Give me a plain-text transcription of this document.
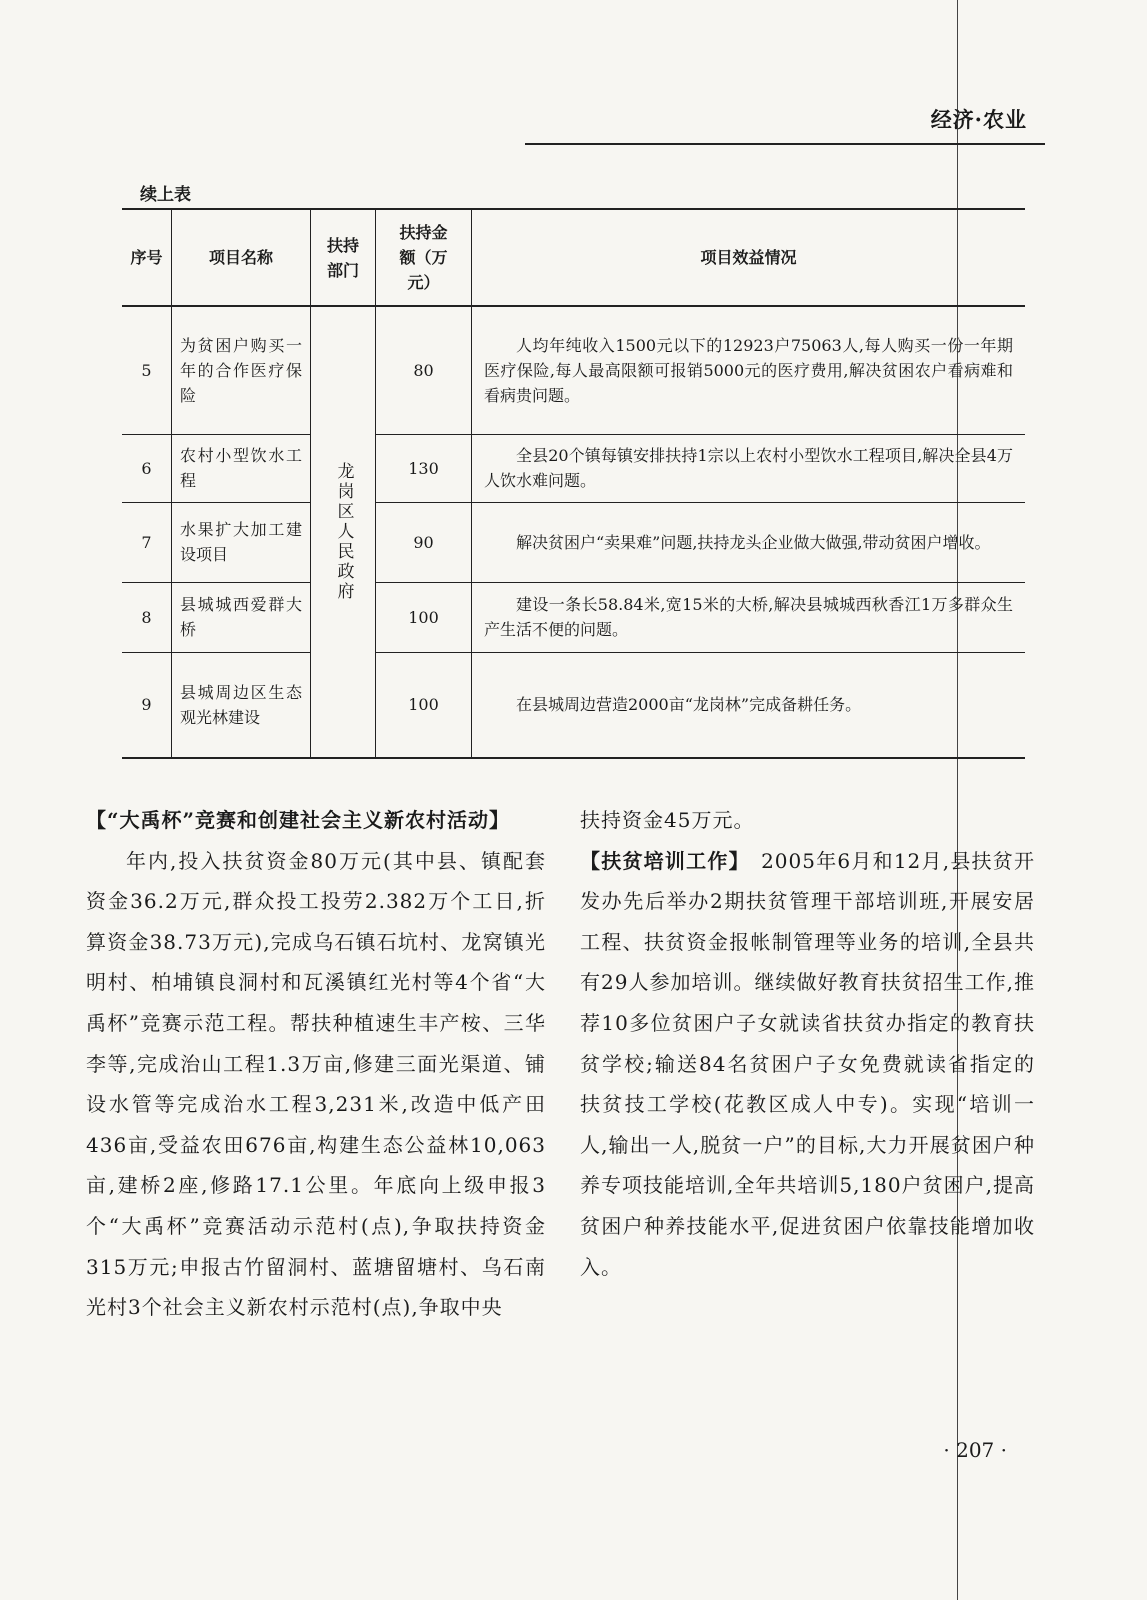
经济·农业
续上表
序号	项目名称	扶持部门	扶持金额（万元）	项目效益情况
5	为贫困户购买一年的合作医疗保险	龙岗区人民政府	80	人均年纯收入1500元以下的12923户75063人,每人购买一份一年期医疗保险,每人最高限额可报销5000元的医疗费用,解决贫困农户看病难和看病贵问题。
6	农村小型饮水工程		130	全县20个镇每镇安排扶持1宗以上农村小型饮水工程项目,解决全县4万人饮水难问题。
7	水果扩大加工建设项目		90	解决贫困户“卖果难”问题,扶持龙头企业做大做强,带动贫困户增收。
8	县城城西爱群大桥		100	建设一条长58.84米,宽15米的大桥,解决县城城西秋香江1万多群众生产生活不便的问题。
9	县城周边区生态观光林建设		100	在县城周边营造2000亩“龙岗林”完成备耕任务。

【“大禹杯”竞赛和创建社会主义新农村活动】

年内,投入扶贫资金80万元(其中县、镇配套资金36.2万元,群众投工投劳2.382万个工日,折算资金38.73万元),完成乌石镇石坑村、龙窝镇光明村、柏埔镇良洞村和瓦溪镇红光村等4个省“大禹杯”竞赛示范工程。帮扶种植速生丰产桉、三华李等,完成治山工程1.3万亩,修建三面光渠道、铺设水管等完成治水工程3,231米,改造中低产田436亩,受益农田676亩,构建生态公益林10,063亩,建桥2座,修路17.1公里。年底向上级申报3个“大禹杯”竞赛活动示范村(点),争取扶持资金315万元;申报古竹留洞村、蓝塘留塘村、乌石南光村3个社会主义新农村示范村(点),争取中央

扶持资金45万元。

【扶贫培训工作】　 2005年6月和12月,县扶贫开发办先后举办2期扶贫管理干部培训班,开展安居工程、扶贫资金报帐制管理等业务的培训,全县共有29人参加培训。继续做好教育扶贫招生工作,推荐10多位贫困户子女就读省扶贫办指定的教育扶贫学校;输送84名贫困户子女免费就读省指定的扶贫技工学校(花教区成人中专)。实现“培训一人,输出一人,脱贫一户”的目标,大力开展贫困户种养专项技能培训,全年共培训5,180户贫困户,提高贫困户种养技能水平,促进贫困户依靠技能增加收入。

· 207 ·
